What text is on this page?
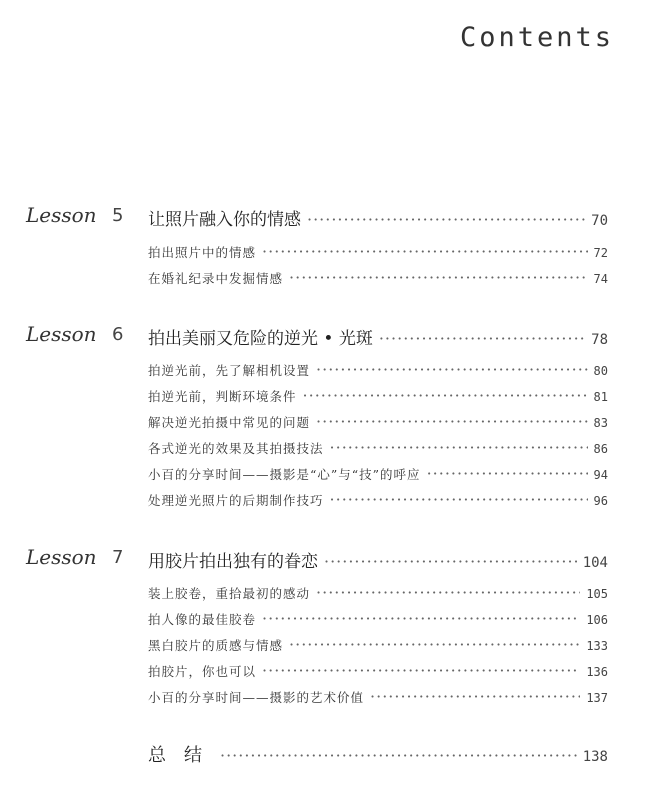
Contents
Lesson 5 让照片融入你的情感 ·····	70
拍出照片中的情感 ·····	72
在婚礼纪录中发掘情感 ·····	74
Lesson 6 拍出美丽又危险的逆光 • 光斑 ·····	78
拍逆光前，先了解相机设置 ·····	80
拍逆光前，判断环境条件 ·····	81
解决逆光拍摄中常见的问题 ·····	83
各式逆光的效果及其拍摄技法 ·····	86
小百的分享时间——摄影是“心”与“技”的呼应 ·····	94
处理逆光照片的后期制作技巧 ·····	96
Lesson 7 用胶片拍出独有的眷恋 ·····	104
装上胶卷，重拾最初的感动 ·····	105
拍人像的最佳胶卷 ·····	106
黑白胶片的质感与情感 ·····	133
拍胶片，你也可以 ·····	136
小百的分享时间——摄影的艺术价值 ·····	137
总结 ·····	138
